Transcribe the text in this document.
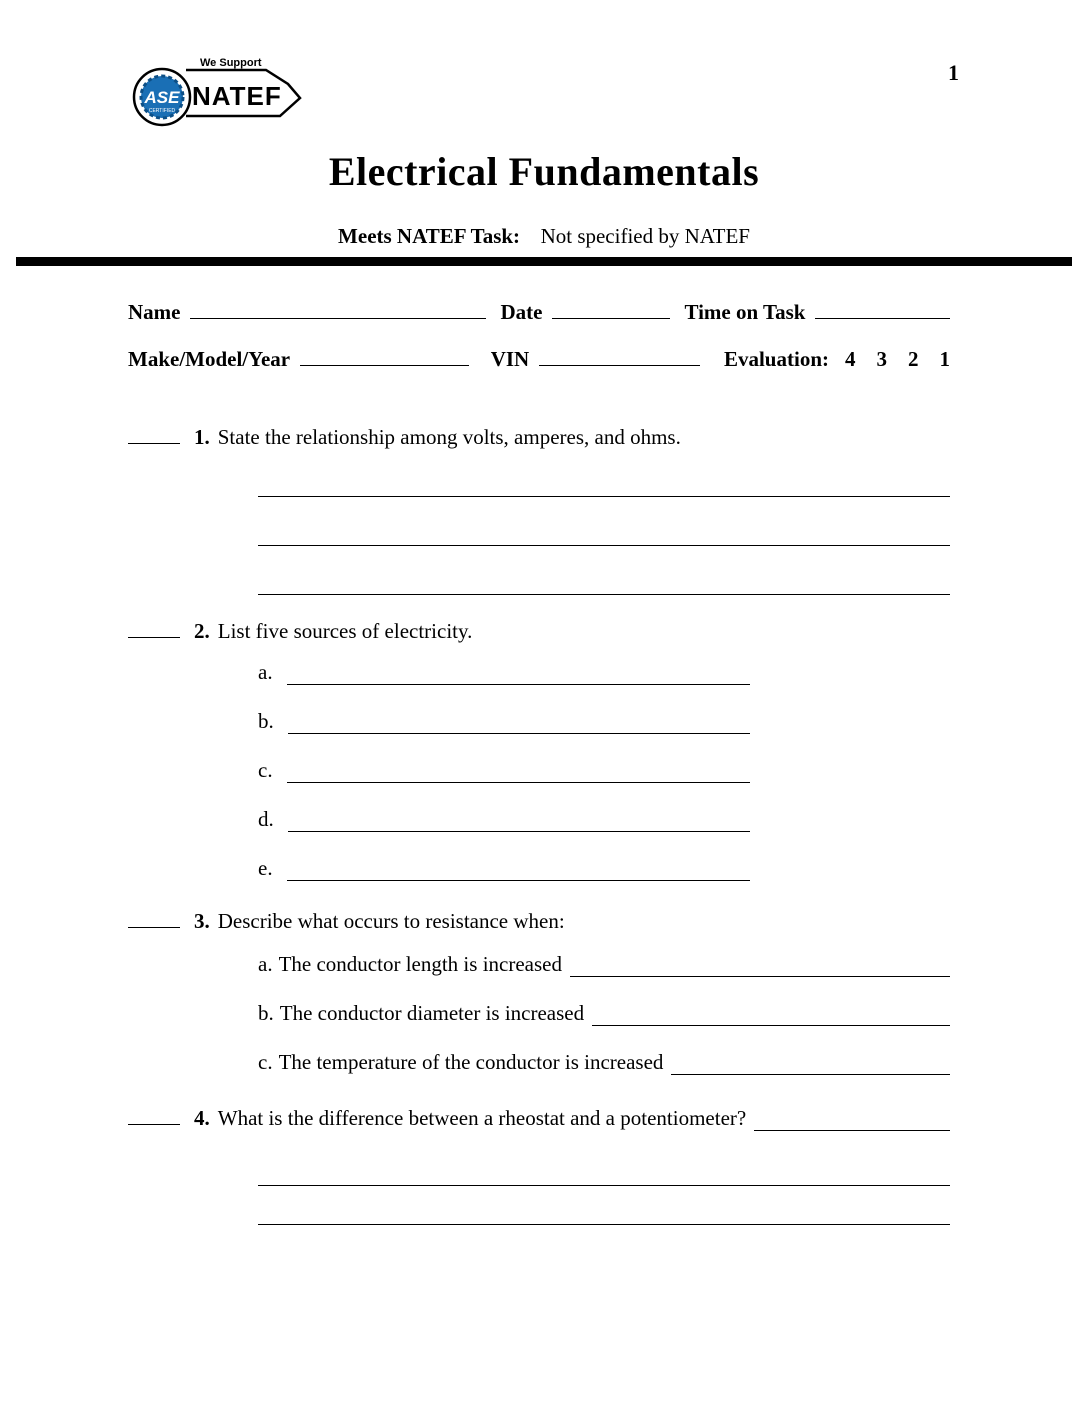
We Support
ASE
CERTIFIED NATEF
1
Electrical Fundamentals
Meets NATEF Task: Not specified by NATEF
Name	Date	Time on Task
Make/Model/Year	VIN	Evaluation: 4    3    2    1
1. State the relationship among volts, amperes, and ohms.
2. List five sources of electricity.
a.
b.
c.
d.
e.
3. Describe what occurs to resistance when:
a. The conductor length is increased
b. The conductor diameter is increased
c. The temperature of the conductor is increased
4. What is the difference between a rheostat and a potentiometer?
